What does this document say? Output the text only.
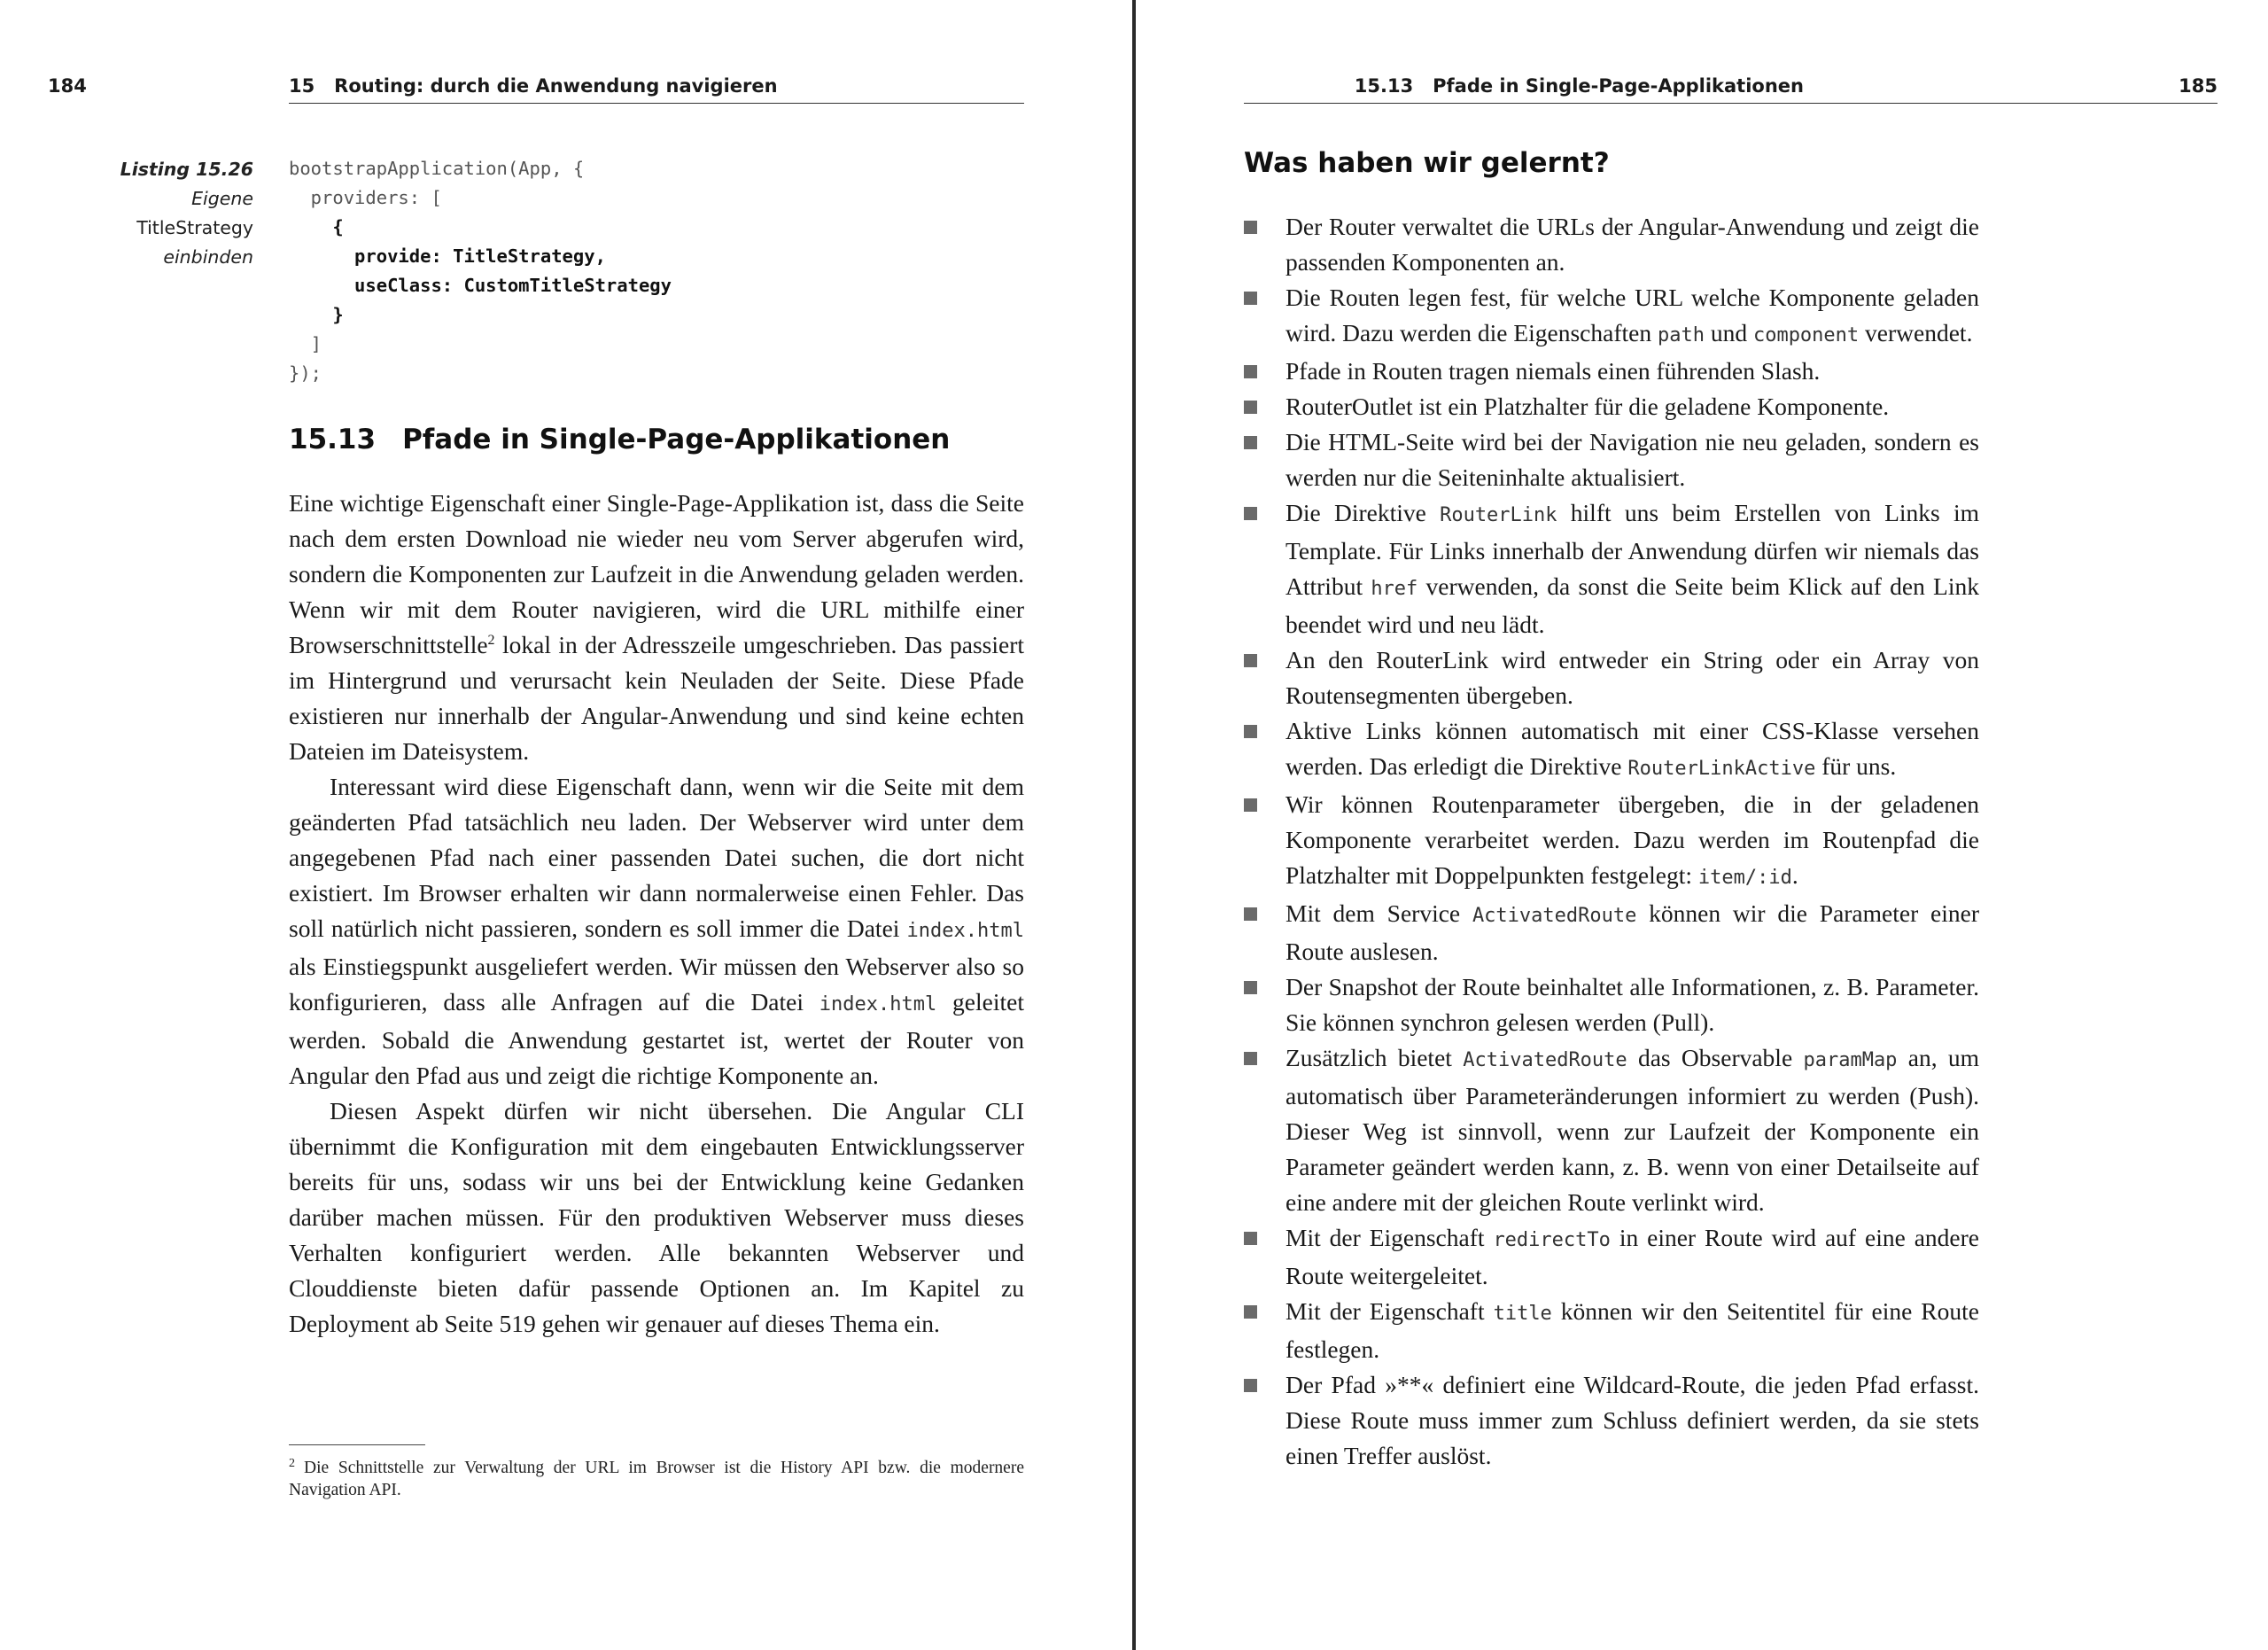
184	15   Routing: durch die Anwendung navigieren
Listing 15.26
Eigene TitleStrategy
einbinden
bootstrapApplication(App, {
providers: [
{
provide: TitleStrategy,
useClass: CustomTitleStrategy
}
]
});
15.13 Pfade in Single-Page-Applikationen

Eine wichtige Eigenschaft einer Single-Page-Applikation ist, dass die Seite nach dem ersten Download nie wieder neu vom Server abgerufen wird, sondern die Komponenten zur Laufzeit in die Anwendung geladen werden. Wenn wir mit dem Router navigieren, wird die URL mithilfe einer Browserschnittstelle$^2$ lokal in der Adresszeile umgeschrieben. Das passiert im Hintergrund und verursacht kein Neuladen der Seite. Diese Pfade existieren nur innerhalb der Angular-Anwendung und sind keine echten Dateien im Dateisystem.

Interessant wird diese Eigenschaft dann, wenn wir die Seite mit dem geänderten Pfad tatsächlich neu laden. Der Webserver wird unter dem angegebenen Pfad nach einer passenden Datei suchen, die dort nicht existiert. Im Browser erhalten wir dann normalerweise einen Fehler. Das soll natürlich nicht passieren, sondern es soll immer die Datei index.html als Einstiegspunkt ausgeliefert werden. Wir müssen den Webserver also so konfigurieren, dass alle Anfragen auf die Datei index.html geleitet werden. Sobald die Anwendung gestartet ist, wertet der Router von Angular den Pfad aus und zeigt die richtige Komponente an.

Diesen Aspekt dürfen wir nicht übersehen. Die Angular CLI übernimmt die Konfiguration mit dem eingebauten Entwicklungsserver bereits für uns, sodass wir uns bei der Entwicklung keine Gedanken darüber machen müssen. Für den produktiven Webserver muss dieses Verhalten konfiguriert werden. Alle bekannten Webserver und Clouddienste bieten dafür passende Optionen an. Im Kapitel zu Deployment ab Seite 519 gehen wir genauer auf dieses Thema ein.

2 Die Schnittstelle zur Verwaltung der URL im Browser ist die History API bzw. die modernere Navigation API.
15.13   Pfade in Single-Page-Applikationen	185
Was haben wir gelernt?
Der Router verwaltet die URLs der Angular-Anwendung und zeigt die passenden Komponenten an.
Die Routen legen fest, für welche URL welche Komponente geladen wird. Dazu werden die Eigenschaften path und component verwendet.
Pfade in Routen tragen niemals einen führenden Slash.
RouterOutlet ist ein Platzhalter für die geladene Komponente.
Die HTML-Seite wird bei der Navigation nie neu geladen, sondern es werden nur die Seiteninhalte aktualisiert.
Die Direktive RouterLink hilft uns beim Erstellen von Links im Template. Für Links innerhalb der Anwendung dürfen wir niemals das Attribut href verwenden, da sonst die Seite beim Klick auf den Link beendet wird und neu lädt.
An den RouterLink wird entweder ein String oder ein Array von Routensegmenten übergeben.
Aktive Links können automatisch mit einer CSS-Klasse versehen werden. Das erledigt die Direktive RouterLinkActive für uns.
Wir können Routenparameter übergeben, die in der geladenen Komponente verarbeitet werden. Dazu werden im Routenpfad die Platzhalter mit Doppelpunkten festgelegt: item/:id.
Mit dem Service ActivatedRoute können wir die Parameter einer Route auslesen.
Der Snapshot der Route beinhaltet alle Informationen, z. B. Parameter. Sie können synchron gelesen werden (Pull).
Zusätzlich bietet ActivatedRoute das Observable paramMap an, um automatisch über Parameteränderungen informiert zu werden (Push). Dieser Weg ist sinnvoll, wenn zur Laufzeit der Komponente ein Parameter geändert werden kann, z. B. wenn von einer Detailseite auf eine andere mit der gleichen Route verlinkt wird.
Mit der Eigenschaft redirectTo in einer Route wird auf eine andere Route weitergeleitet.
Mit der Eigenschaft title können wir den Seitentitel für eine Route festlegen.
Der Pfad »**« definiert eine Wildcard-Route, die jeden Pfad erfasst. Diese Route muss immer zum Schluss definiert werden, da sie stets einen Treffer auslöst.
